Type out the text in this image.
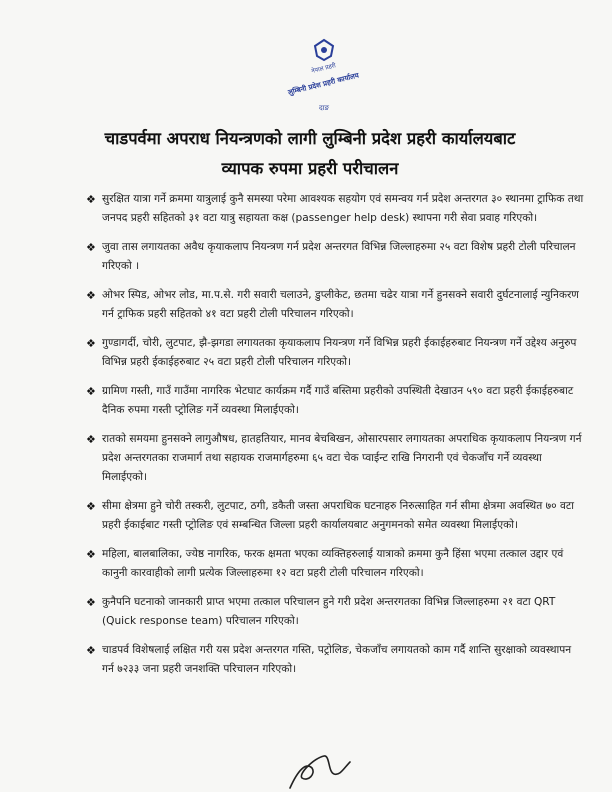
नेपाल प्रहरी
लुम्बिनी प्रदेश प्रहरी कार्यालय
दाङ
चाडपर्वमा अपराध नियन्त्रणको लागी लुम्बिनी प्रदेश प्रहरी कार्यालयबाट
व्यापक रुपमा प्रहरी परीचालन
❖ सुरक्षित यात्रा गर्ने क्रममा यात्रुलाई कुनै समस्या परेमा आवश्यक सहयोग एवं समन्वय गर्न प्रदेश अन्तरगत ३० स्थानमा ट्राफिक तथा जनपद प्रहरी सहितको ३१ वटा यात्रु सहायता कक्ष (passenger help desk) स्थापना गरी सेवा प्रवाह गरिएको।
❖ जुवा तास लगायतका अवैध कृयाकलाप नियन्त्रण गर्न प्रदेश अन्तरगत विभिन्न जिल्लाहरुमा २५ वटा विशेष प्रहरी टोली परिचालन गरिएको ।
❖ ओभर स्पिड, ओभर लोड, मा.प.से. गरी सवारी चलाउने, डुप्लीकेट, छतमा चढेर यात्रा गर्ने हुनसक्ने सवारी दुर्घटनालाई न्युनिकरण गर्न ट्राफिक प्रहरी सहितको ४१ वटा प्रहरी टोली परिचालन गरिएको।
❖ गुण्डागर्दी, चोरी, लुटपाट, झै-झगडा लगायतका कृयाकलाप नियन्त्रण गर्ने विभिन्न प्रहरी ईकाईहरुबाट नियन्त्रण गर्ने उद्देश्य अनुरुप विभिन्न प्रहरी ईकाईहरुबाट २५ वटा प्रहरी टोली परिचालन गरिएको।
❖ ग्रामिण गस्ती, गाउँ गाउँमा नागरिक भेटघाट कार्यक्रम गर्दै गाउँ बस्तिमा प्रहरीको उपस्थिती देखाउन ५९० वटा प्रहरी ईकाईहरुबाट दैनिक रुपमा गस्ती प्ट्रोलिङ गर्ने व्यवस्था मिलाईएको।
❖ रातको समयमा हुनसक्ने लागुऔषध, हातहतियार, मानव बेचबिखन, ओसारपसार लगायतका अपराधिक कृयाकलाप नियन्त्रण गर्न प्रदेश अन्तरगतका राजमार्ग तथा सहायक राजमार्गहरुमा ६५ वटा चेक प्वाईन्ट राखि निगरानी एवं चेकजाँच गर्ने व्यवस्था मिलाईएको।
❖ सीमा क्षेत्रमा हुने चोरी तस्करी, लुटपाट, ठगी, डकैती जस्ता अपराधिक घटनाहरु निरुत्साहित गर्न सीमा क्षेत्रमा अवस्थित ७० वटा प्रहरी ईकाईबाट गस्ती प्ट्रोलिङ एवं सम्बन्धित जिल्ला प्रहरी कार्यालयबाट अनुगमनको समेत व्यवस्था मिलाईएको।
❖ महिला, बालबालिका, ज्येष्ठ नागरिक, फरक क्षमता भएका व्यक्तिहरुलाई यात्राको क्रममा कुनै हिंसा भएमा तत्काल उद्दार एवं कानुनी कारवाहीको लागी प्रत्येक जिल्लाहरुमा १२ वटा प्रहरी टोली परिचालन गरिएको।
❖ कुनैपनि घटनाको जानकारी प्राप्त भएमा तत्काल परिचालन हुने गरी प्रदेश अन्तरगतका विभिन्न जिल्लाहरुमा २१ वटा QRT (Quick response team) परिचालन गरिएको।
❖ चाडपर्व विशेषलाई लक्षित गरी यस प्रदेश अन्तरगत गस्ति, पट्रोलिङ, चेकजाँच लगायतको काम गर्दै शान्ति सुरक्षाको व्यवस्थापन गर्न ७२३३ जना प्रहरी जनशक्ति परिचालन गरिएको।
